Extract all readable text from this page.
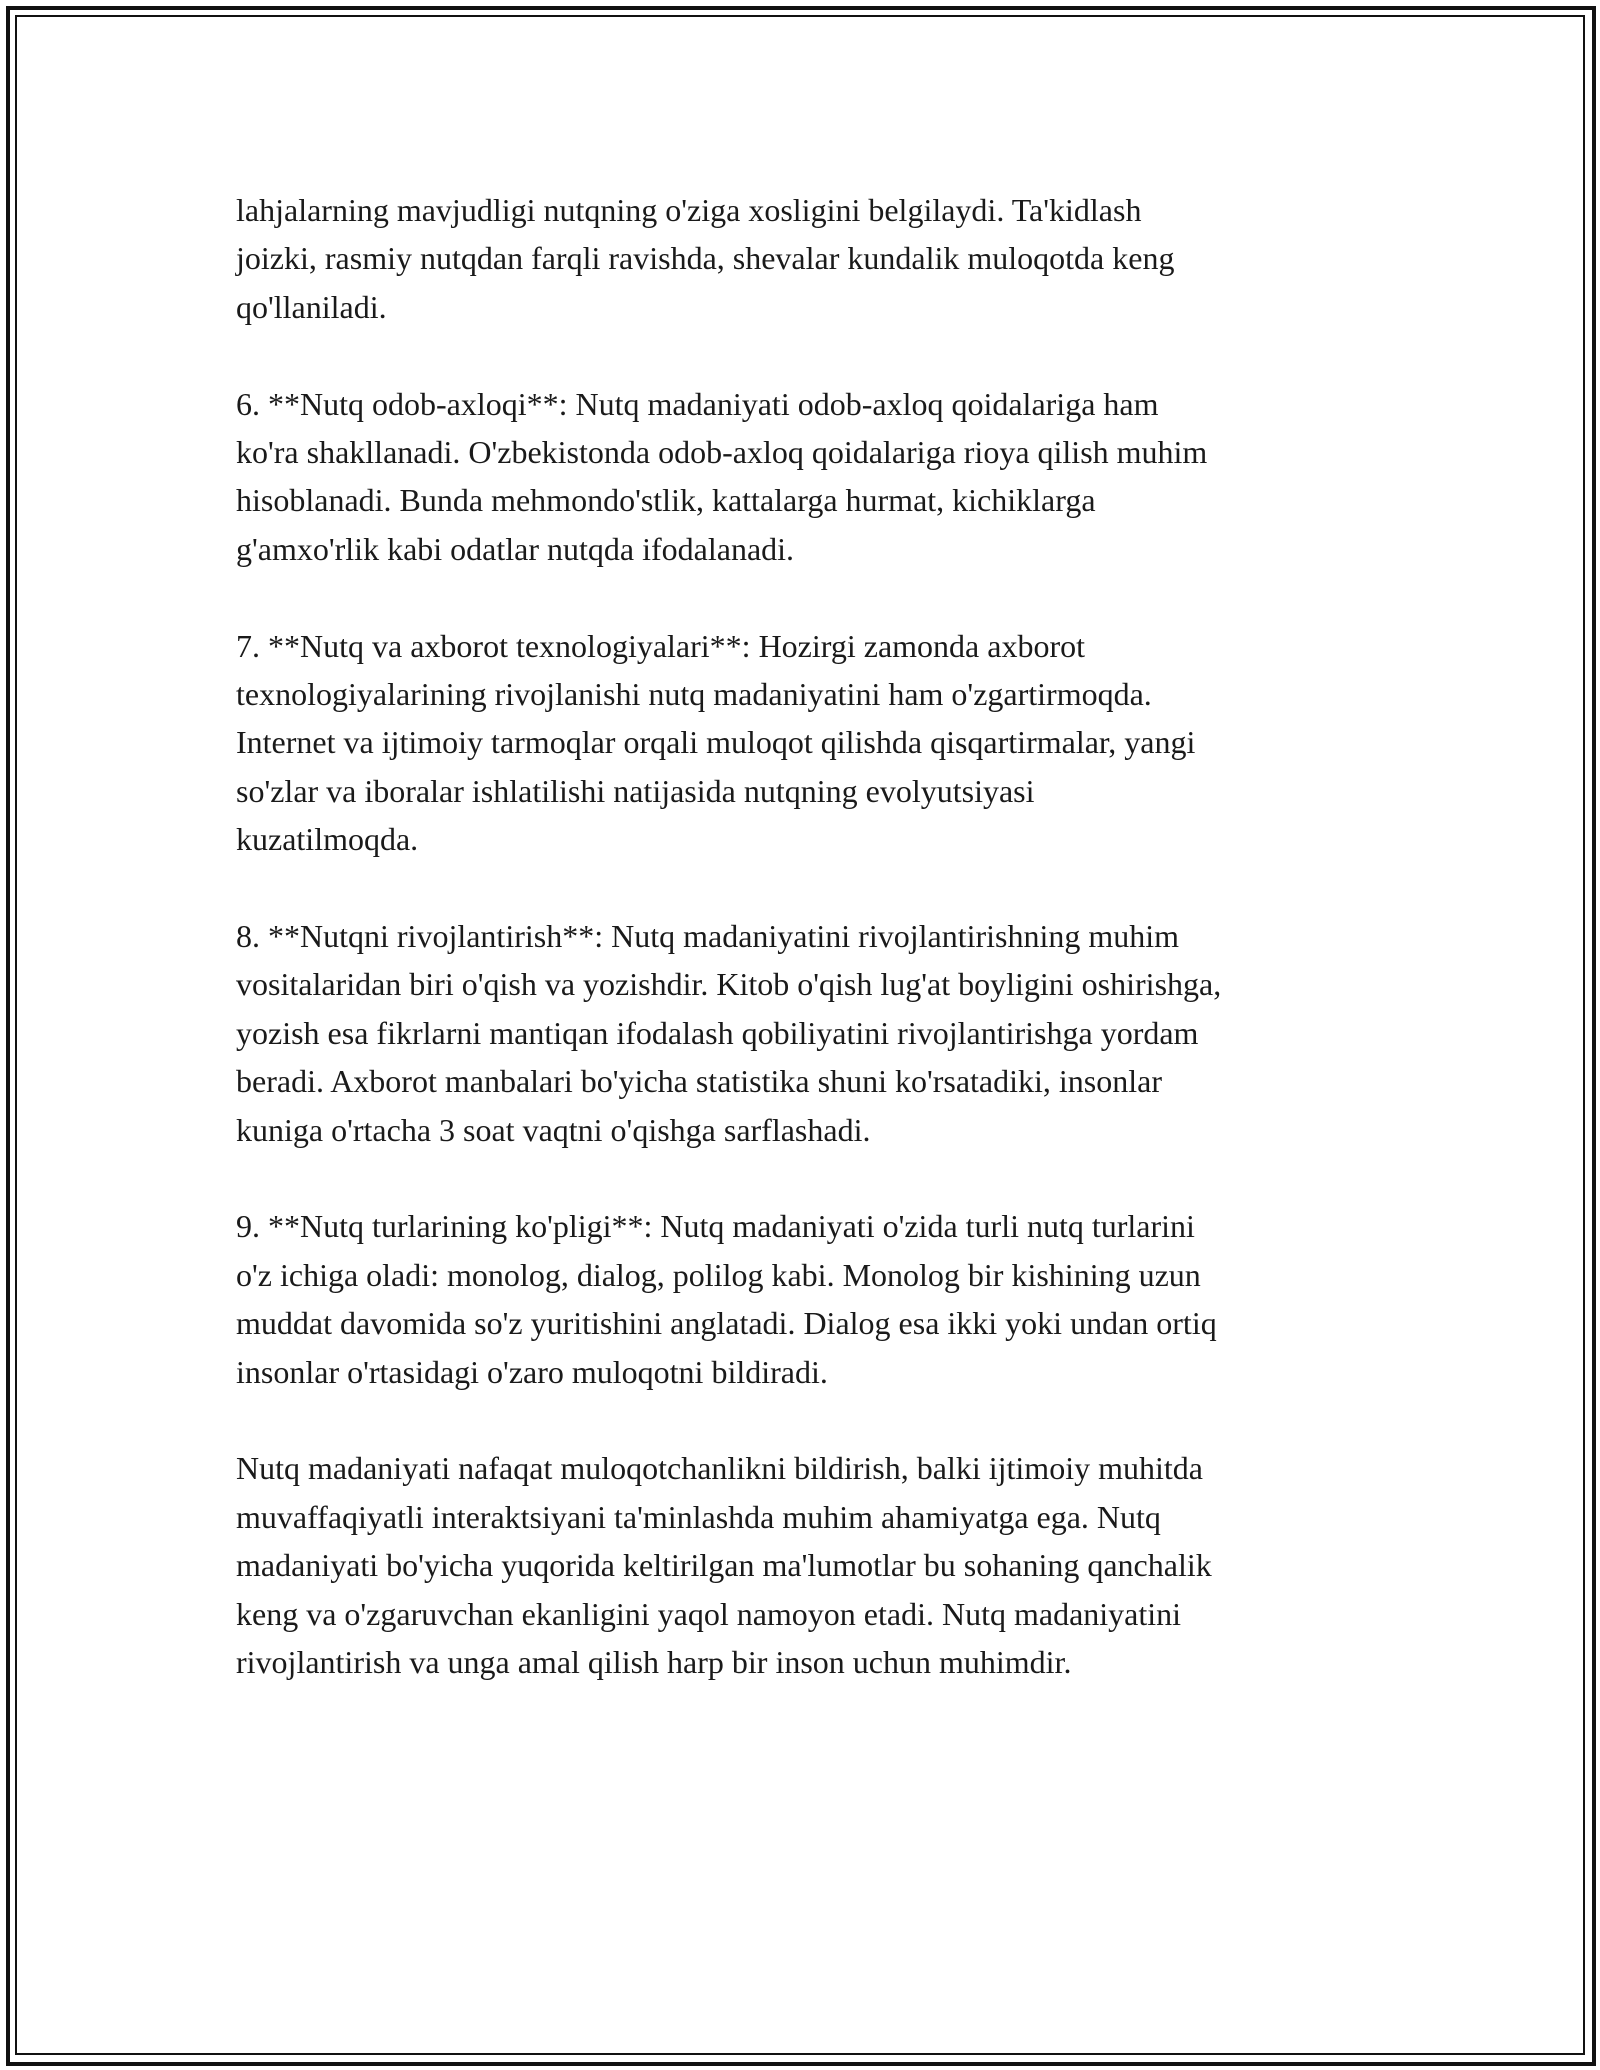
lahjalarning mavjudligi nutqning o'ziga xosligini belgilaydi. Ta'kidlash
joizki, rasmiy nutqdan farqli ravishda, shevalar kundalik muloqotda keng
qo'llaniladi.

6. **Nutq odob-axloqi**: Nutq madaniyati odob-axloq qoidalariga ham
ko'ra shakllanadi. O'zbekistonda odob-axloq qoidalariga rioya qilish muhim
hisoblanadi. Bunda mehmondo'stlik, kattalarga hurmat, kichiklarga
g'amxo'rlik kabi odatlar nutqda ifodalanadi.

7. **Nutq va axborot texnologiyalari**: Hozirgi zamonda axborot
texnologiyalarining rivojlanishi nutq madaniyatini ham o'zgartirmoqda.
Internet va ijtimoiy tarmoqlar orqali muloqot qilishda qisqartirmalar, yangi
so'zlar va iboralar ishlatilishi natijasida nutqning evolyutsiyasi
kuzatilmoqda.

8. **Nutqni rivojlantirish**: Nutq madaniyatini rivojlantirishning muhim
vositalaridan biri o'qish va yozishdir. Kitob o'qish lug'at boyligini oshirishga,
yozish esa fikrlarni mantiqan ifodalash qobiliyatini rivojlantirishga yordam
beradi. Axborot manbalari bo'yicha statistika shuni ko'rsatadiki, insonlar
kuniga o'rtacha 3 soat vaqtni o'qishga sarflashadi.

9. **Nutq turlarining ko'pligi**: Nutq madaniyati o'zida turli nutq turlarini
o'z ichiga oladi: monolog, dialog, polilog kabi. Monolog bir kishining uzun
muddat davomida so'z yuritishini anglatadi. Dialog esa ikki yoki undan ortiq
insonlar o'rtasidagi o'zaro muloqotni bildiradi.

Nutq madaniyati nafaqat muloqotchanlikni bildirish, balki ijtimoiy muhitda
muvaffaqiyatli interaktsiyani ta'minlashda muhim ahamiyatga ega. Nutq
madaniyati bo'yicha yuqorida keltirilgan ma'lumotlar bu sohaning qanchalik
keng va o'zgaruvchan ekanligini yaqol namoyon etadi. Nutq madaniyatini
rivojlantirish va unga amal qilish harp bir inson uchun muhimdir.
